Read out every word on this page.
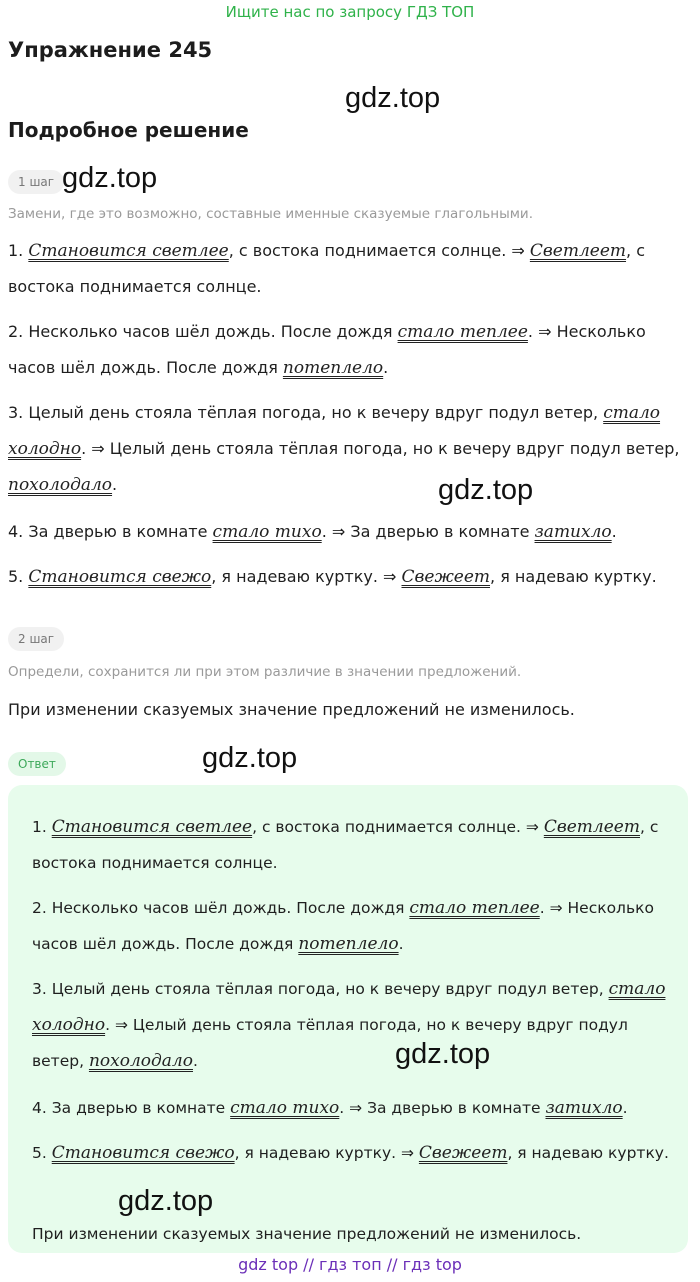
Ищите нас по запросу ГДЗ ТОП
Упражнение 245
gdz.top
Подробное решение
1 шаг gdz.top
Замени, где это возможно, составные именные сказуемые глагольными.
1. Становится светлее, с востока поднимается солнце. ⇒ Светлеет, с востока поднимается солнце.
2. Несколько часов шёл дождь. После дождя стало теплее. ⇒ Несколько часов шёл дождь. После дождя потеплело.
3. Целый день стояла тёплая погода, но к вечеру вдруг подул ветер, стало холодно. ⇒ Целый день стояла тёплая погода, но к вечеру вдруг подул ветер, похолодало.	gdz.top
4. За дверью в комнате стало тихо. ⇒ За дверью в комнате затихло.
5. Становится свежо, я надеваю куртку. ⇒ Свежеет, я надеваю куртку.
2 шаг
Определи, сохранится ли при этом различие в значении предложений.
При изменении сказуемых значение предложений не изменилось.
Ответ	gdz.top
1. Становится светлее, с востока поднимается солнце. ⇒ Светлеет, с востока поднимается солнце.
2. Несколько часов шёл дождь. После дождя стало теплее. ⇒ Несколько часов шёл дождь. После дождя потеплело.
3. Целый день стояла тёплая погода, но к вечеру вдруг подул ветер, стало холодно. ⇒ Целый день стояла тёплая погода, но к вечеру вдруг подул ветер, похолодало.	gdz.top
4. За дверью в комнате стало тихо. ⇒ За дверью в комнате затихло.
5. Становится свежо, я надеваю куртку. ⇒ Свежеет, я надеваю куртку.
gdz.top
При изменении сказуемых значение предложений не изменилось.
gdz top // гдз топ // гдз top
